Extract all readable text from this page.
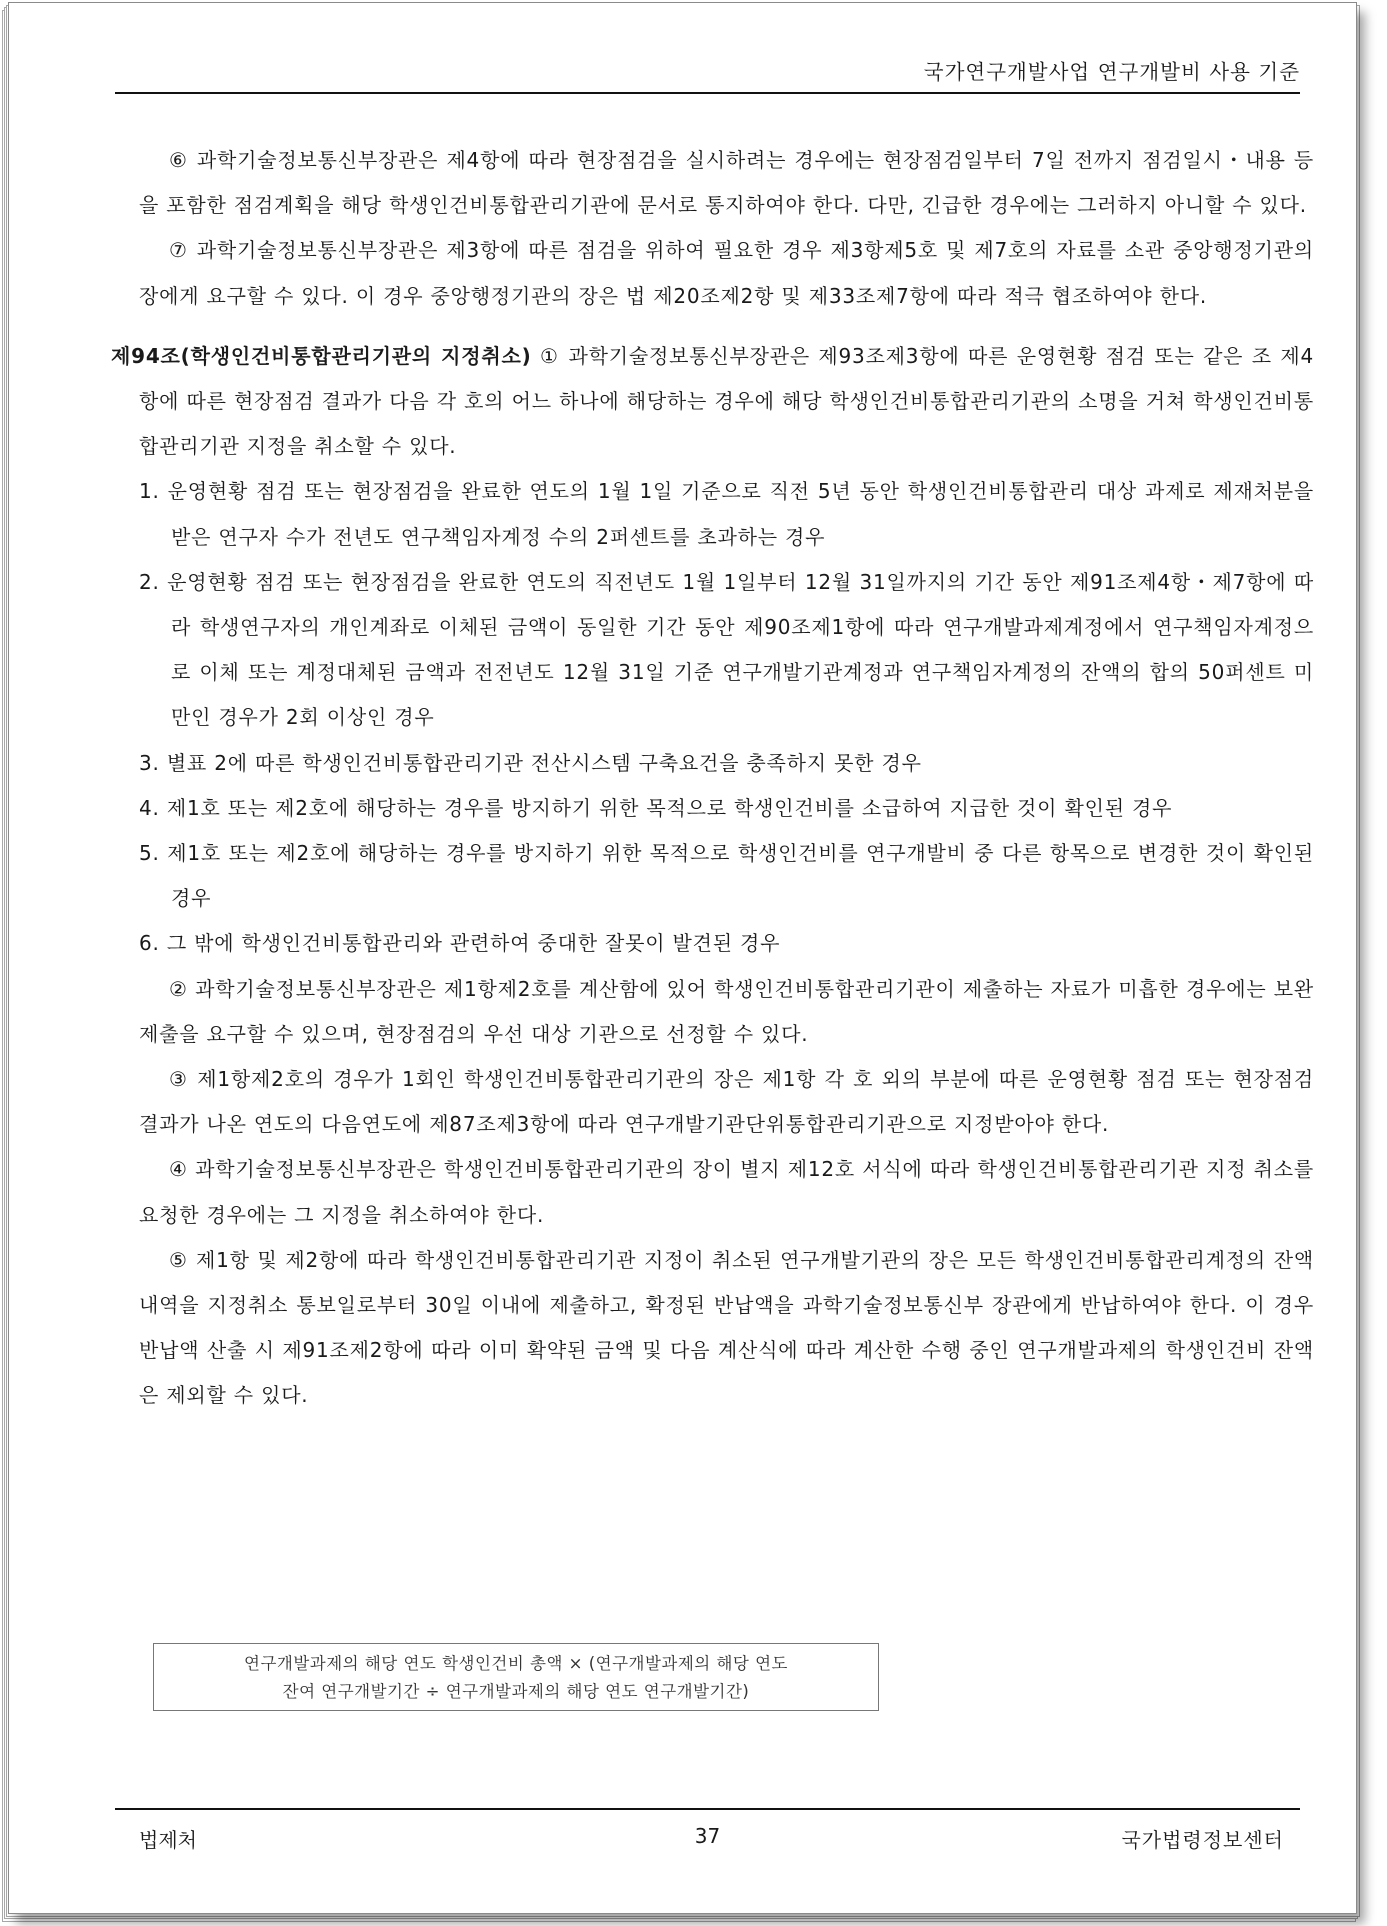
국가연구개발사업 연구개발비 사용 기준

⑥ 과학기술정보통신부장관은 제4항에 따라 현장점검을 실시하려는 경우에는 현장점검일부터 7일 전까지 점검일시・내용 등을 포함한 점검계획을 해당 학생인건비통합관리기관에 문서로 통지하여야 한다. 다만, 긴급한 경우에는 그러하지 아니할 수 있다.

⑦ 과학기술정보통신부장관은 제3항에 따른 점검을 위하여 필요한 경우 제3항제5호 및 제7호의 자료를 소관 중앙행정기관의 장에게 요구할 수 있다. 이 경우 중앙행정기관의 장은 법 제20조제2항 및 제33조제7항에 따라 적극 협조하여야 한다.

제94조(학생인건비통합관리기관의 지정취소) ① 과학기술정보통신부장관은 제93조제3항에 따른 운영현황 점검 또는 같은 조 제4항에 따른 현장점검 결과가 다음 각 호의 어느 하나에 해당하는 경우에 해당 학생인건비통합관리기관의 소명을 거쳐 학생인건비통합관리기관 지정을 취소할 수 있다.

1. 운영현황 점검 또는 현장점검을 완료한 연도의 1월 1일 기준으로 직전 5년 동안 학생인건비통합관리 대상 과제로 제재처분을 받은 연구자 수가 전년도 연구책임자계정 수의 2퍼센트를 초과하는 경우

2. 운영현황 점검 또는 현장점검을 완료한 연도의 직전년도 1월 1일부터 12월 31일까지의 기간 동안 제91조제4항・제7항에 따라 학생연구자의 개인계좌로 이체된 금액이 동일한 기간 동안 제90조제1항에 따라 연구개발과제계정에서 연구책임자계정으로 이체 또는 계정대체된 금액과 전전년도 12월 31일 기준 연구개발기관계정과 연구책임자계정의 잔액의 합의 50퍼센트 미만인 경우가 2회 이상인 경우

3. 별표 2에 따른 학생인건비통합관리기관 전산시스템 구축요건을 충족하지 못한 경우

4. 제1호 또는 제2호에 해당하는 경우를 방지하기 위한 목적으로 학생인건비를 소급하여 지급한 것이 확인된 경우

5. 제1호 또는 제2호에 해당하는 경우를 방지하기 위한 목적으로 학생인건비를 연구개발비 중 다른 항목으로 변경한 것이 확인된 경우

6. 그 밖에 학생인건비통합관리와 관련하여 중대한 잘못이 발견된 경우

② 과학기술정보통신부장관은 제1항제2호를 계산함에 있어 학생인건비통합관리기관이 제출하는 자료가 미흡한 경우에는 보완 제출을 요구할 수 있으며, 현장점검의 우선 대상 기관으로 선정할 수 있다.

③ 제1항제2호의 경우가 1회인 학생인건비통합관리기관의 장은 제1항 각 호 외의 부분에 따른 운영현황 점검 또는 현장점검 결과가 나온 연도의 다음연도에 제87조제3항에 따라 연구개발기관단위통합관리기관으로 지정받아야 한다.

④ 과학기술정보통신부장관은 학생인건비통합관리기관의 장이 별지 제12호 서식에 따라 학생인건비통합관리기관 지정 취소를 요청한 경우에는 그 지정을 취소하여야 한다.

⑤ 제1항 및 제2항에 따라 학생인건비통합관리기관 지정이 취소된 연구개발기관의 장은 모든 학생인건비통합관리계정의 잔액 내역을 지정취소 통보일로부터 30일 이내에 제출하고, 확정된 반납액을 과학기술정보통신부 장관에게 반납하여야 한다. 이 경우 반납액 산출 시 제91조제2항에 따라 이미 확약된 금액 및 다음 계산식에 따라 계산한 수행 중인 연구개발과제의 학생인건비 잔액은 제외할 수 있다.

연구개발과제의 해당 연도 학생인건비 총액 × (연구개발과제의 해당 연도
잔여 연구개발기간 ÷ 연구개발과제의 해당 연도 연구개발기간)
법제처	37	국가법령정보센터
